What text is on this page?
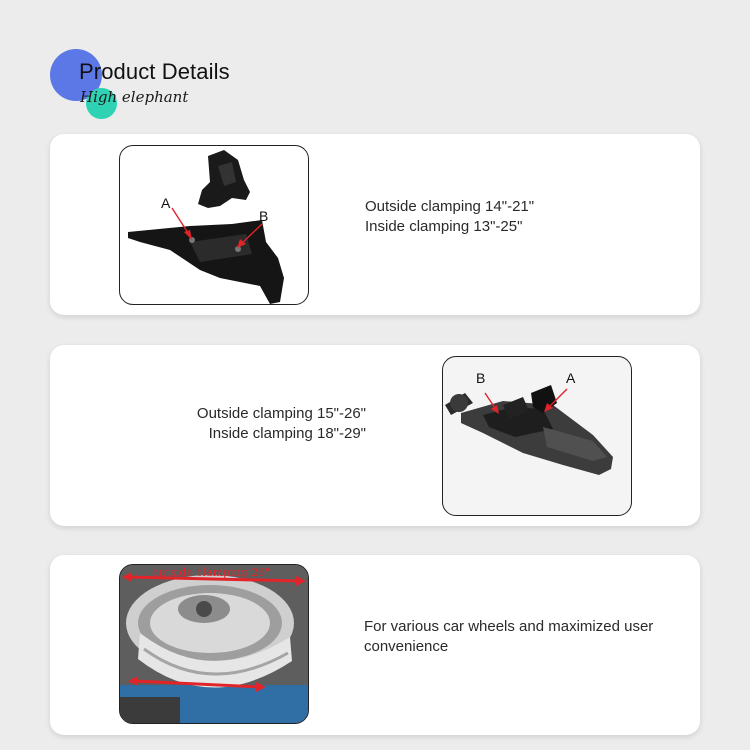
Product Details
High elephant
A
B
Outside clamping 14"-21"
Inside clamping 13"-25"
Outside clamping 15"-26"
Inside clamping 18"-29"
B	A
outside clamping 26"
For various car wheels and maximized user convenience
